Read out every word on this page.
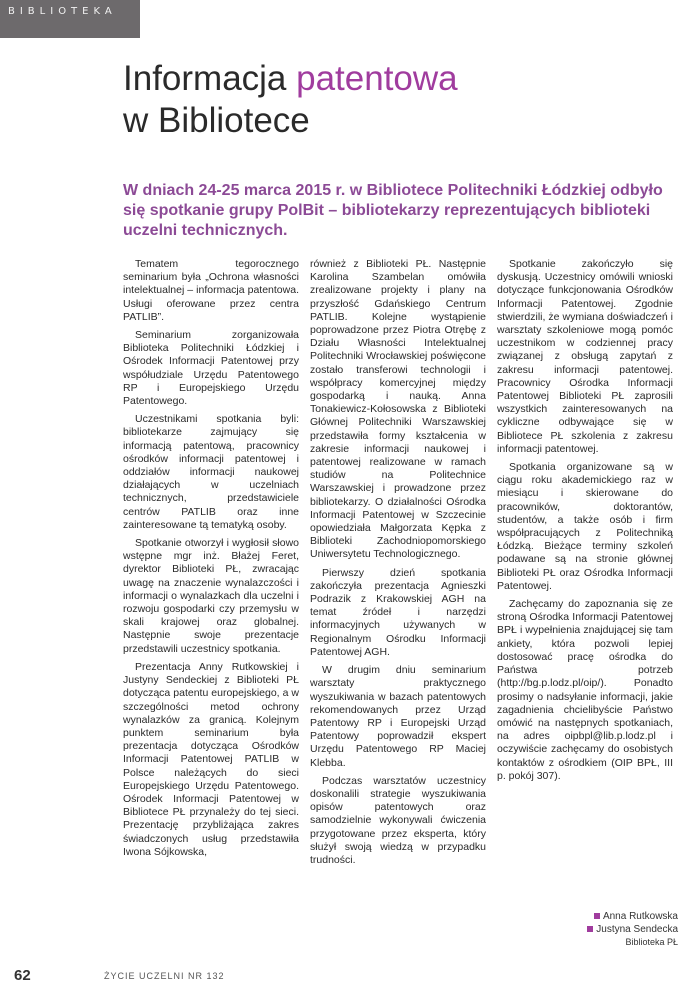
BIBLIOTEKA
Informacja patentowa
w Bibliotece

W dniach 24-25 marca 2015 r. w Bibliotece Politechniki Łódzkiej odbyło się spotkanie grupy PolBit – bibliotekarzy reprezentujących biblioteki uczelni technicznych.

Tematem tegorocznego seminarium była „Ochrona własności intelektualnej – informacja patentowa. Usługi oferowane przez centra PATLIB”.

Seminarium zorganizowała Biblioteka Politechniki Łódzkiej i Ośrodek Informacji Patentowej przy współudziale Urzędu Patentowego RP i Europejskiego Urzędu Patentowego.

Uczestnikami spotkania byli: bibliotekarze zajmujący się informacją patentową, pracownicy ośrodków informacji patentowej i oddziałów informacji naukowej działających w uczelniach technicznych, przedstawiciele centrów PATLIB oraz inne zainteresowane tą tematyką osoby.

Spotkanie otworzył i wygłosił słowo wstępne mgr inż. Błażej Feret, dyrektor Biblioteki PŁ, zwracając uwagę na znaczenie wynalazczości i informacji o wynalazkach dla uczelni i rozwoju gospodarki czy przemysłu w skali krajowej oraz globalnej. Następnie swoje prezentacje przedstawili uczestnicy spotkania.

Prezentacja Anny Rutkowskiej i Justyny Sendeckiej z Biblioteki PŁ dotycząca patentu europejskiego, a w szczególności metod ochrony wynalazków za granicą. Kolejnym punktem seminarium była prezentacja dotycząca Ośrodków Informacji Patentowej PATLIB w Polsce należących do sieci Europejskiego Urzędu Patentowego. Ośrodek Informacji Patentowej w Bibliotece PŁ przynależy do tej sieci. Prezentację przybliżająca zakres świadczonych usług przedstawiła Iwona Sójkowska,

również z Biblioteki PŁ. Następnie Karolina Szambelan omówiła zrealizowane projekty i plany na przyszłość Gdańskiego Centrum PATLIB. Kolejne wystąpienie poprowadzone przez Piotra Otrębę z Działu Własności Intelektualnej Politechniki Wrocławskiej poświęcone zostało transferowi technologii i współpracy komercyjnej między gospodarką i nauką. Anna Tonakiewicz-Kołosowska z Biblioteki Głównej Politechniki Warszawskiej przedstawiła formy kształcenia w zakresie informacji naukowej i patentowej realizowane w ramach studiów na Politechnice Warszawskiej i prowadzone przez bibliotekarzy. O działalności Ośrodka Informacji Patentowej w Szczecinie opowiedziała Małgorzata Kępka z Biblioteki Zachodniopomorskiego Uniwersytetu Technologicznego.

Pierwszy dzień spotkania zakończyła prezentacja Agnieszki Podrazik z Krakowskiej AGH na temat źródeł i narzędzi informacyjnych używanych w Regionalnym Ośrodku Informacji Patentowej AGH.

W drugim dniu seminarium warsztaty praktycznego wyszukiwania w bazach patentowych rekomendowanych przez Urząd Patentowy RP i Europejski Urząd Patentowy poprowadził ekspert Urzędu Patentowego RP Maciej Klebba.

Podczas warsztatów uczestnicy doskonalili strategie wyszukiwania opisów patentowych oraz samodzielnie wykonywali ćwiczenia przygotowane przez eksperta, który służył swoją wiedzą w przypadku trudności.

Spotkanie zakończyło się dyskusją. Uczestnicy omówili wnioski dotyczące funkcjonowania Ośrodków Informacji Patentowej. Zgodnie stwierdzili, że wymiana doświadczeń i warsztaty szkoleniowe mogą pomóc uczestnikom w codziennej pracy związanej z obsługą zapytań z zakresu informacji patentowej. Pracownicy Ośrodka Informacji Patentowej Biblioteki PŁ zaprosili wszystkich zainteresowanych na cykliczne odbywające się w Bibliotece PŁ szkolenia z zakresu informacji patentowej.

Spotkania organizowane są w ciągu roku akademickiego raz w miesiącu i skierowane do pracowników, doktorantów, studentów, a także osób i firm współpracujących z Politechniką Łódzką. Bieżące terminy szkoleń podawane są na stronie głównej Biblioteki PŁ oraz Ośrodka Informacji Patentowej.

Zachęcamy do zapoznania się ze stroną Ośrodka Informacji Patentowej BPŁ i wypełnienia znajdującej się tam ankiety, która pozwoli lepiej dostosować pracę ośrodka do Państwa potrzeb (http://bg.p.lodz.pl/oip/). Ponadto prosimy o nadsyłanie informacji, jakie zagadnienia chcielibyście Państwo omówić na następnych spotkaniach, na adres oipbpl@lib.p.lodz.pl i oczywiście zachęcamy do osobistych kontaktów z ośrodkiem (OIP BPŁ, III p. pokój 307).

Anna Rutkowska
Justyna Sendecka
Biblioteka PŁ
62	ŻYCIE UCZELNI NR 132
